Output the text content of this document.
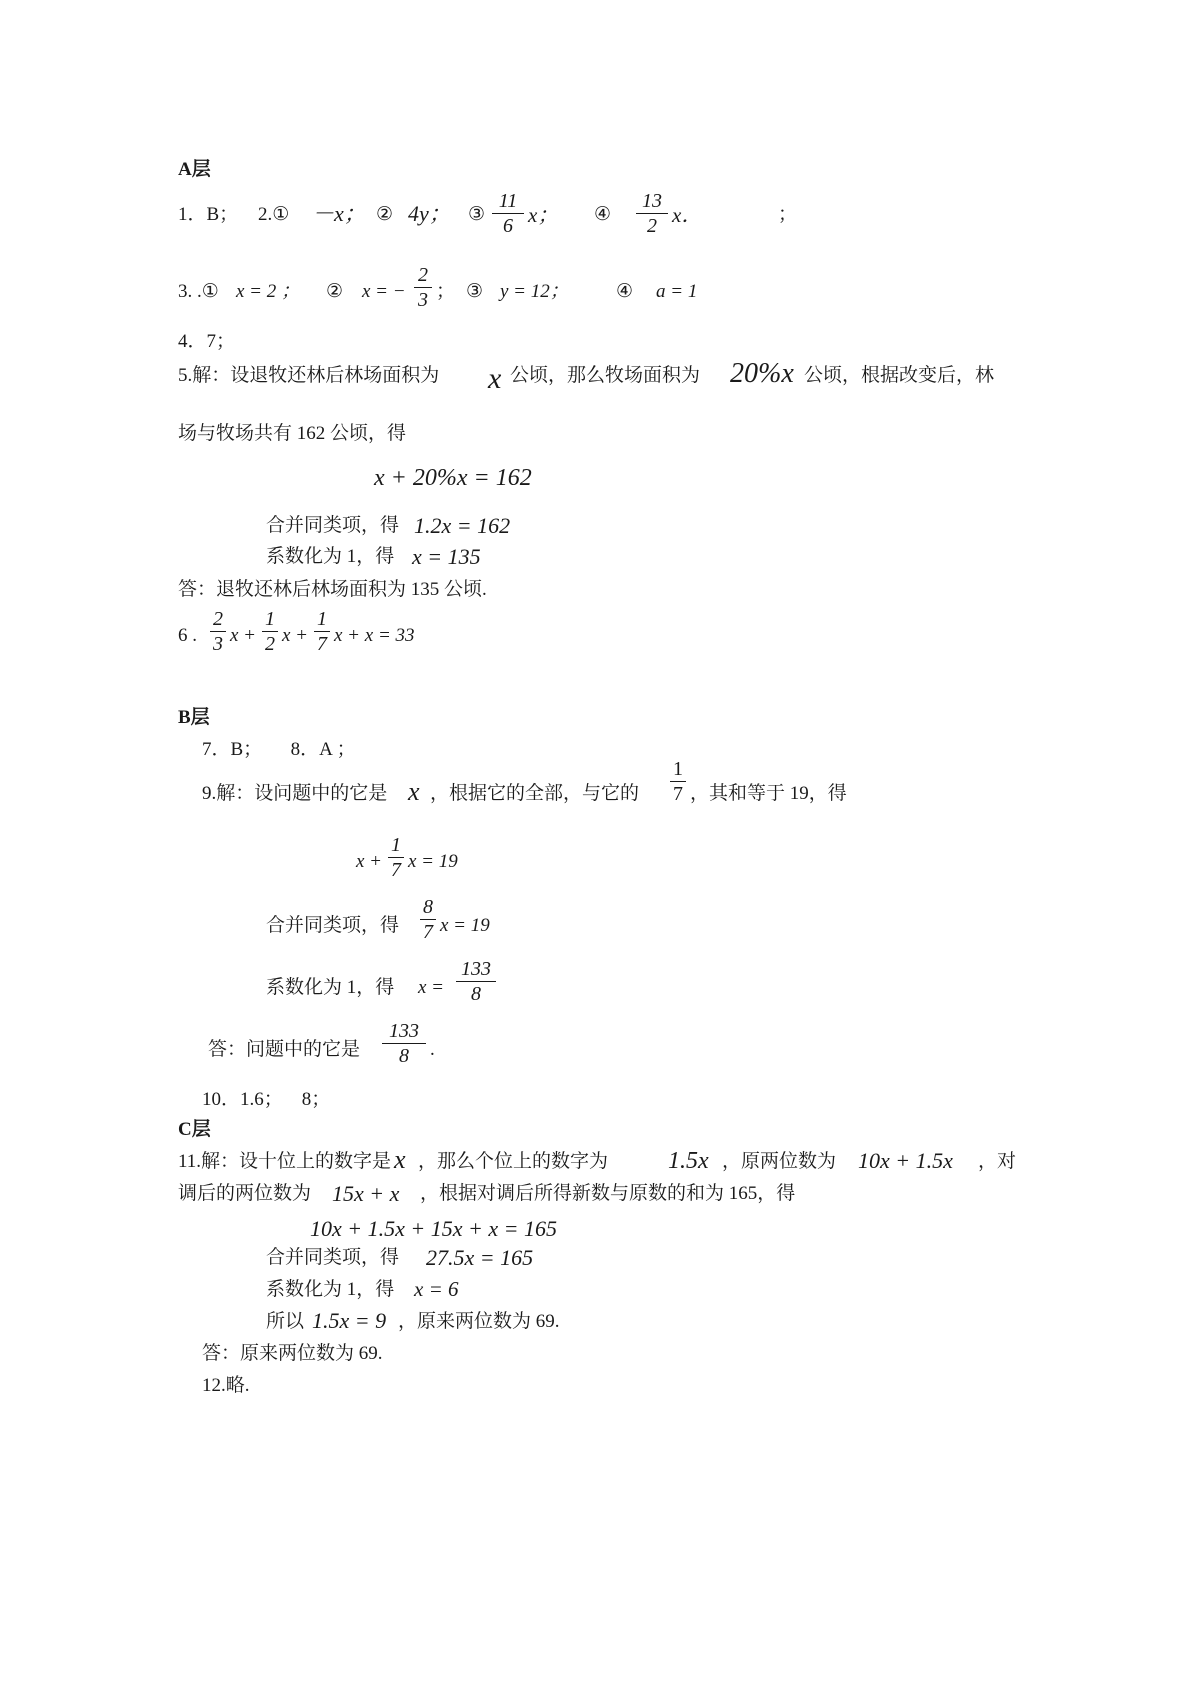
A层
1．B； 2.① －x； ② 4y； ③
11
6 x； ④
13
2 x．	；
3. .① x = 2 ； ② x = −
2
3 ； ③ y = 12； ④ a = 1
4．7；
5.解：设退牧还林后林场面积为 x 公顷，那么牧场面积为 20%x 公顷，根据改变后，林
场与牧场共有 162 公顷，得
x + 20%x = 162
合并同类项，得 1.2x = 162
系数化为 1，得 x = 135
答：退牧还林后林场面积为 135 公顷.
6 .
2
3 x +
1
2 x +
1
7 x + x = 33
B层
7．B；      8．A ；
9.解：设问题中的它是 x ，根据它的全部，与它的
1
7 ，其和等于 19，得
x +
1
7 x = 19
合并同类项，得
8
7 x = 19
系数化为 1，得 x =
133
8
答：问题中的它是
133
8	.
10．1.6；    8；
C层
11.解：设十位上的数字是 x ，那么个位上的数字为 1.5x ，原两位数为 10x + 1.5x ，对
调后的两位数为 15x + x ，根据对调后所得新数与原数的和为 165，得
10x + 1.5x + 15x + x = 165
合并同类项，得 27.5x = 165
系数化为 1，得 x = 6
所以 1.5x = 9 ，原来两位数为 69.
答：原来两位数为 69.
12.略.
